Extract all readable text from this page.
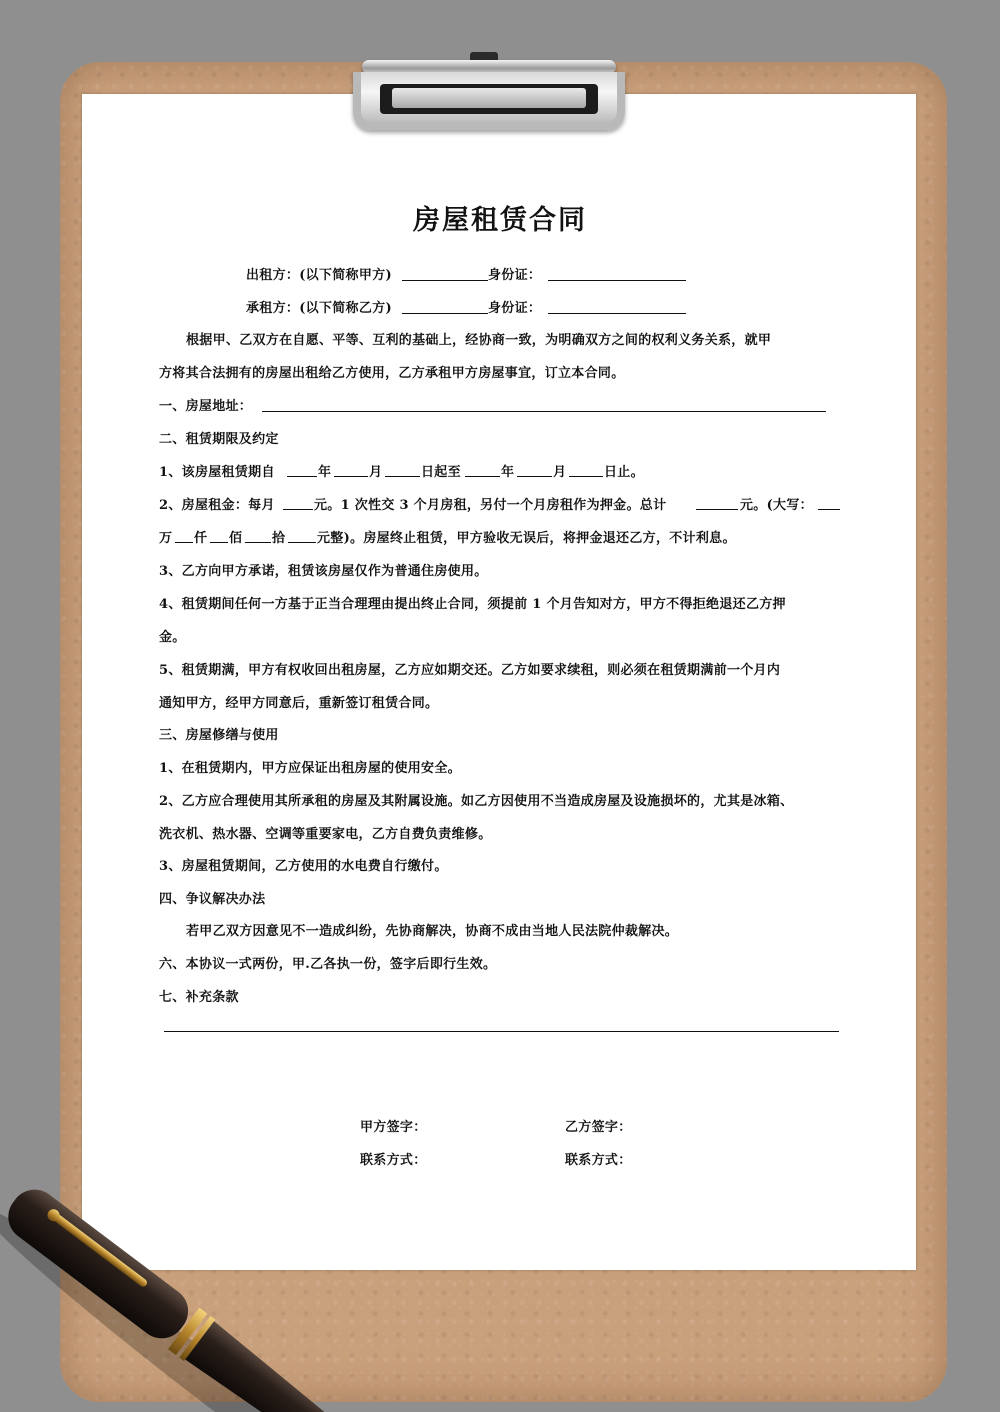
房屋租赁合同
出租方：(以下简称甲方)	身份证：
承租方：(以下简称乙方)	身份证：
根据甲、乙双方在自愿、平等、互利的基础上，经协商一致，为明确双方之间的权利义务关系，就甲
方将其合法拥有的房屋出租给乙方使用，乙方承租甲方房屋事宜，订立本合同。
一、房屋地址：
二、租赁期限及约定
1、该房屋租赁期自	年	月	日起至	年	月	日止。
2、房屋租金：每月	元。1 次性交 3 个月房租，另付一个月房租作为押金。总计	元。(大写：
万 仟 佰 拾 元整)。房屋终止租赁，甲方验收无误后，将押金退还乙方，不计利息。
3、乙方向甲方承诺，租赁该房屋仅作为普通住房使用。
4、租赁期间任何一方基于正当合理理由提出终止合同，须提前 1 个月告知对方，甲方不得拒绝退还乙方押
金。
5、租赁期满，甲方有权收回出租房屋，乙方应如期交还。乙方如要求续租，则必须在租赁期满前一个月内
通知甲方，经甲方同意后，重新签订租赁合同。
三、房屋修缮与使用
1、在租赁期内，甲方应保证出租房屋的使用安全。
2、乙方应合理使用其所承租的房屋及其附属设施。如乙方因使用不当造成房屋及设施损坏的，尤其是冰箱、
洗衣机、热水器、空调等重要家电，乙方自费负责维修。
3、房屋租赁期间，乙方使用的水电费自行缴付。
四、争议解决办法
若甲乙双方因意见不一造成纠纷，先协商解决，协商不成由当地人民法院仲裁解决。
六、本协议一式两份，甲.乙各执一份，签字后即行生效。
七、补充条款
甲方签字：	乙方签字：
联系方式：	联系方式：
